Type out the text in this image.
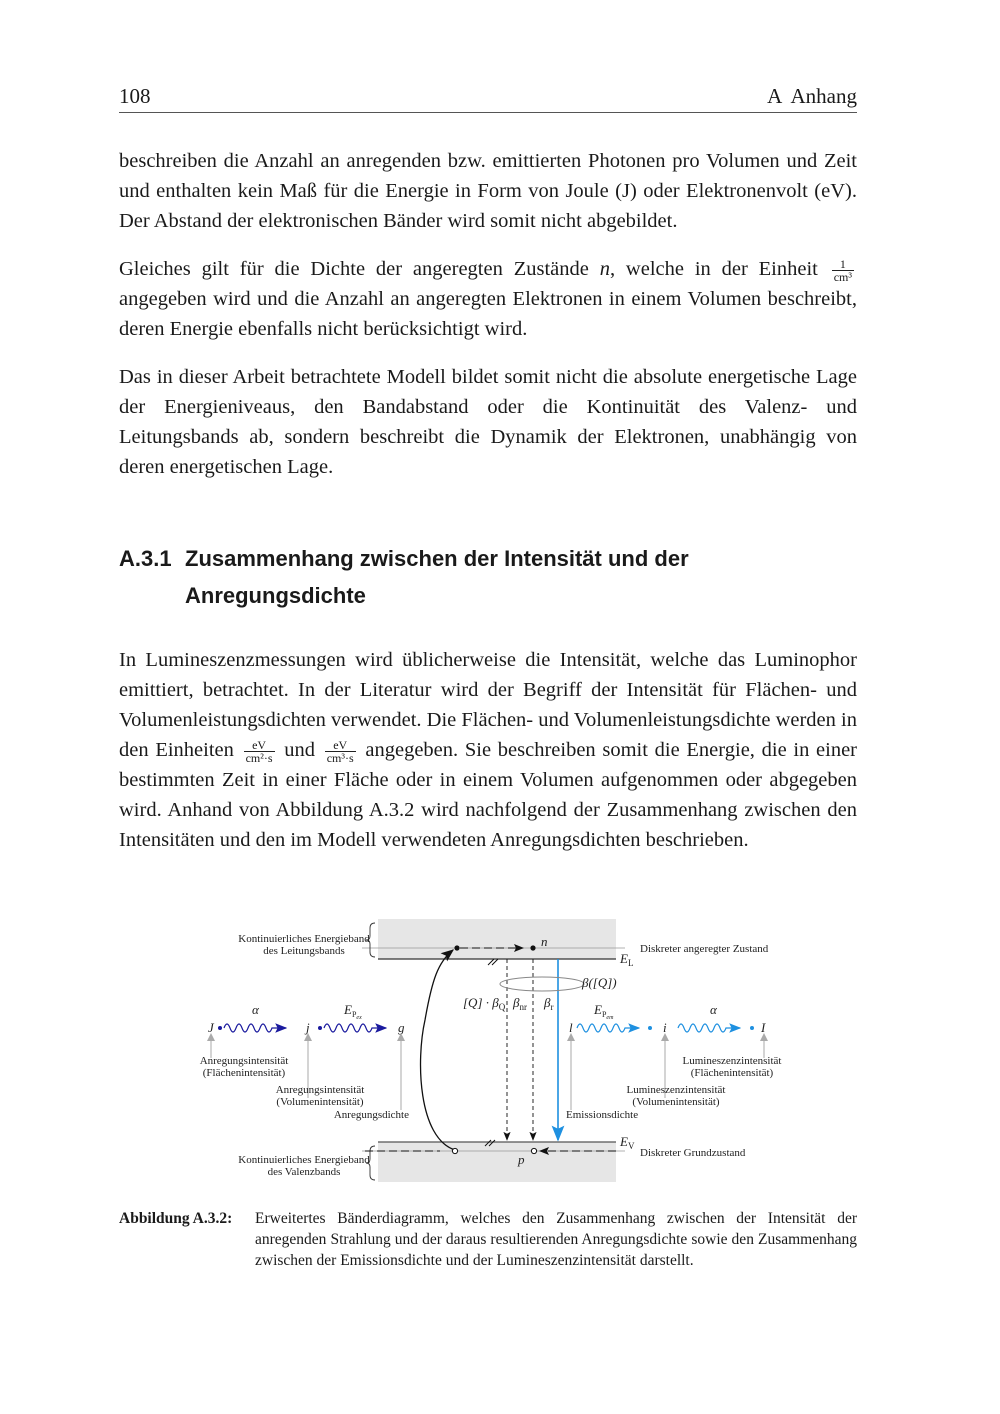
108	A  Anhang

beschreiben die Anzahl an anregenden bzw. emittierten Photonen pro Volumen und Zeit und enthalten kein Maß für die Energie in Form von Joule (J) oder Elektronenvolt (eV). Der Abstand der elektronischen Bänder wird somit nicht abgebildet.

Gleiches gilt für die Dichte der angeregten Zustände n, welche in der Einheit $\frac{1}{\text{cm³}}$
angegeben wird und die Anzahl an angeregten Elektronen in einem Volumen beschreibt, deren Energie ebenfalls nicht berücksichtigt wird.

Das in dieser Arbeit betrachtete Modell bildet somit nicht die absolute energetische Lage der Energieniveaus, den Bandabstand oder die Kontinuität des Valenz- und Leitungsbands ab, sondern beschreibt die Dynamik der Elektronen, unabhängig von deren energetischen Lage.

A.3.1 Zusammenhang zwischen der Intensität und der Anregungsdichte

In Lumineszenzmessungen wird üblicherweise die Intensität, welche das Luminophor emittiert, betrachtet. In der Literatur wird der Begriff der Intensität für Flächen- und Volumenleistungsdichten verwendet. Die Flächen- und Volumenleistungsdichte werden in den Einheiten $\frac{eV}{\text{cm²·s}}$ und $\frac{eV}{\text{cm³·s}}$ angegeben. Sie beschreiben somit die Energie, die in einer bestimmten Zeit in einer Fläche oder in einem Volumen aufgenommen oder abgegeben wird. Anhand von Abbildung A.3.2 wird nachfolgend der Zusammenhang zwischen den Intensitäten und den im Modell verwendeten Anregungsdichten beschrieben.

Kontinuierliches Energieband
des Leitungsbands
Kontinuierliches Energieband
des Valenzbands
Diskreter angeregter Zustand
Diskreter Grundzustand
$E_L$
$E_V$
n
β([Q])
$[Q] \cdot \beta_Q$ $\beta_{nr}$ $\beta_r$
p
J
α
j
$E_Pex$
g	l
$E_Pem$
i
α
I
Anregungsintensität
(Flächenintensität)
Anregungsintensität
(Volumenintensität)
Anregungsdichte	Emissionsdichte
Lumineszenzintensität
(Volumenintensität)
Lumineszenzintensität
(Flächenintensität)
Abbildung A.3.2: Erweitertes Bänderdiagramm, welches den Zusammenhang zwischen der Intensität der anregenden Strahlung und der daraus resultierenden Anregungsdichte sowie den Zusammenhang zwischen der Emissionsdichte und der Lumineszenzintensität darstellt.
